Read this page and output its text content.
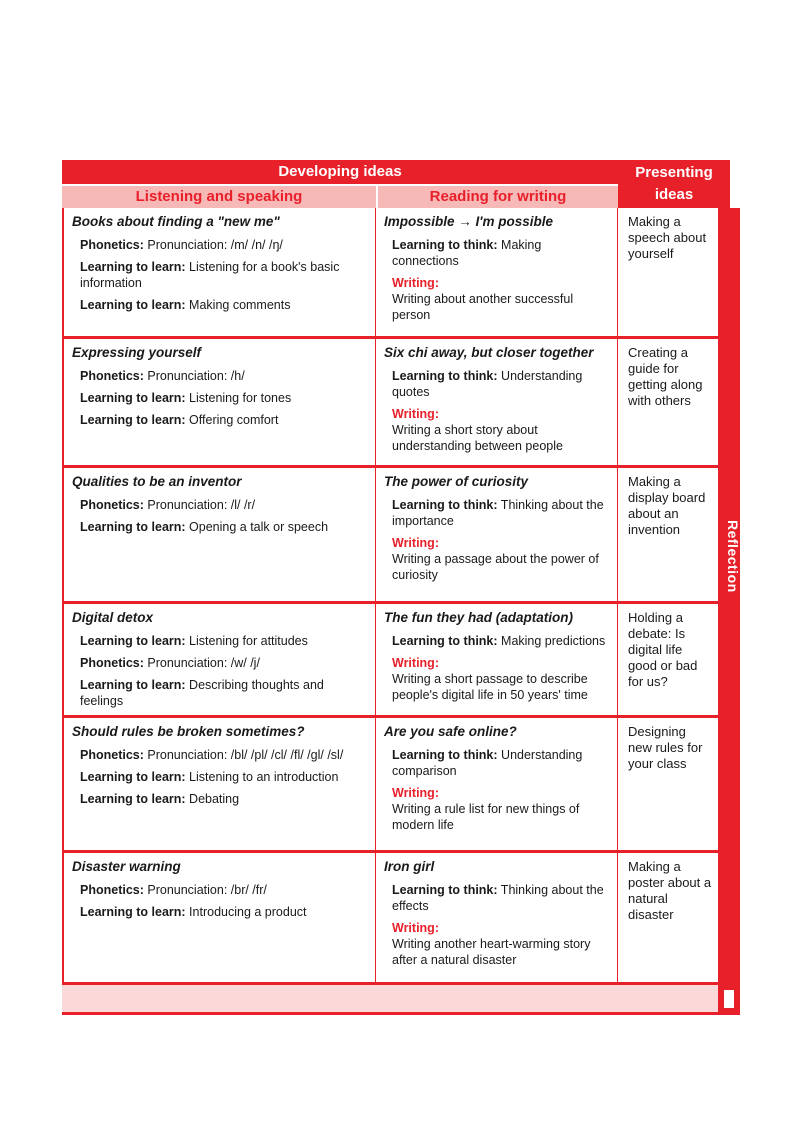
Developing ideas	Presenting
ideas
Listening and speaking	Reading for writing
Reflection

Books about finding a "new me"

Phonetics: Pronunciation: /m/ /n/ /ŋ/

Learning to learn: Listening for a book's basic information

Learning to learn: Making comments

Impossible → I'm possible

Learning to think: Making connections

Writing:
Writing about another successful person

Making a speech about yourself

Expressing yourself

Phonetics: Pronunciation: /h/

Learning to learn: Listening for tones

Learning to learn: Offering comfort

Six chi away, but closer together

Learning to think: Understanding quotes

Writing:
Writing a short story about understanding between people

Creating a guide for getting along with others

Qualities to be an inventor

Phonetics: Pronunciation: /l/ /r/

Learning to learn: Opening a talk or speech

The power of curiosity

Learning to think: Thinking about the importance

Writing:
Writing a passage about the power of curiosity

Making a display board about an invention

Digital detox

Learning to learn: Listening for attitudes

Phonetics: Pronunciation: /w/ /j/

Learning to learn: Describing thoughts and feelings

The fun they had (adaptation)

Learning to think: Making predictions

Writing:
Writing a short passage to describe people's digital life in 50 years' time

Holding a debate: Is digital life good or bad for us?

Should rules be broken sometimes?

Phonetics: Pronunciation: /bl/ /pl/ /cl/ /fl/ /gl/ /sl/

Learning to learn: Listening to an introduction

Learning to learn: Debating

Are you safe online?

Learning to think: Understanding comparison

Writing:
Writing a rule list for new things of modern life

Designing new rules for your class

Disaster warning

Phonetics: Pronunciation: /br/ /fr/

Learning to learn: Introducing a product

Iron girl

Learning to think: Thinking about the effects

Writing:
Writing another heart-warming story after a natural disaster

Making a poster about a natural disaster
